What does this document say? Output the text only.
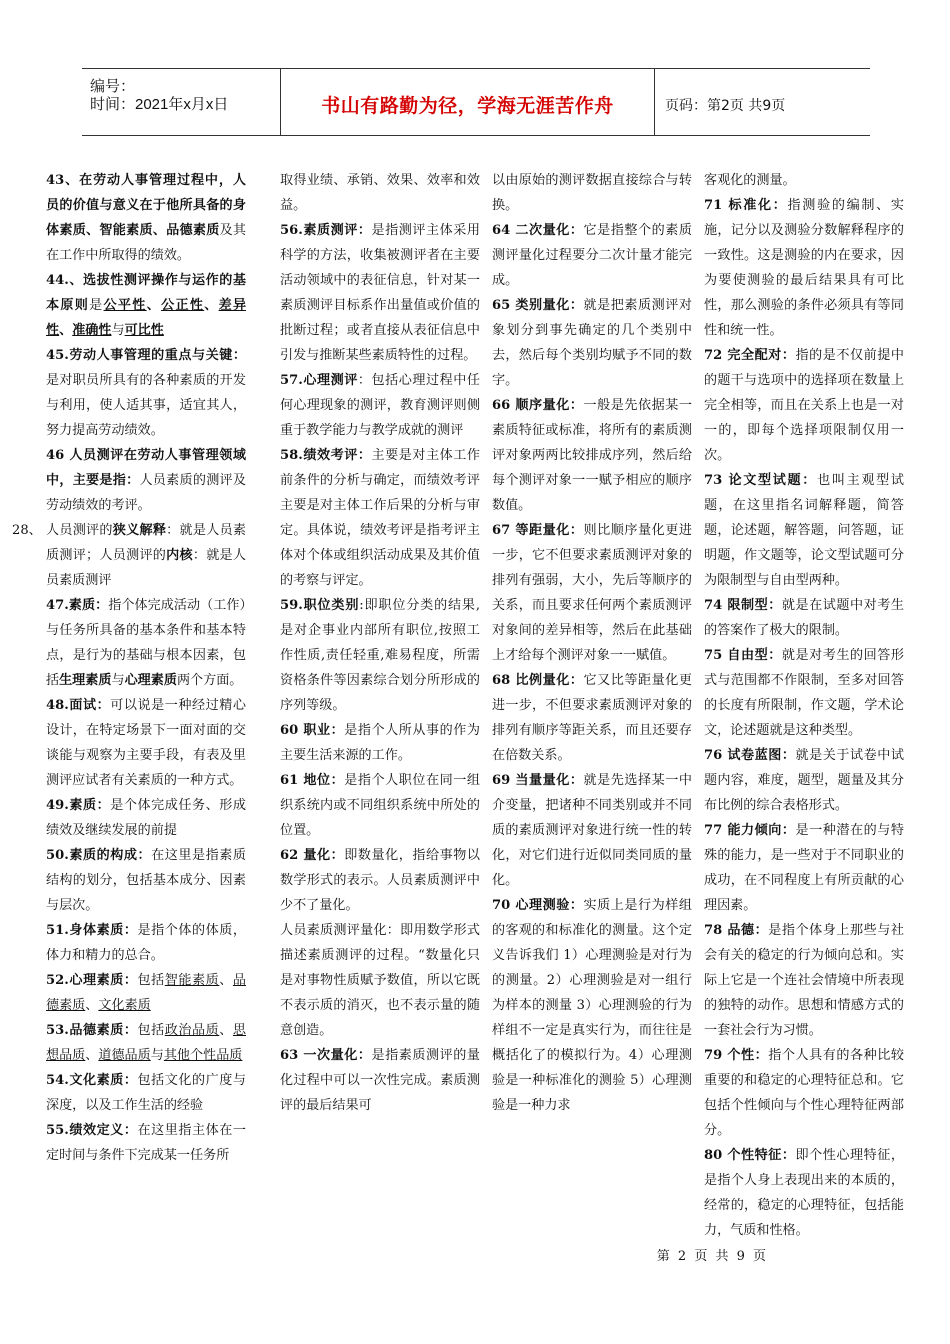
编号：
时间：2021年x月x日	书山有路勤为径，学海无涯苦作舟	页码：第2页 共9页
28、

43、在劳动人事管理过程中，人员的价值与意义在于他所具备的身体素质、智能素质、品德素质及其在工作中所取得的绩效。

44.、选拔性测评操作与运作的基本原则是公平性、公正性、差异性、准确性与可比性

45.劳动人事管理的重点与关键：是对职员所具有的各种素质的开发与利用，使人适其事，适宜其人，努力提高劳动绩效。

46 人员测评在劳动人事管理领域中，主要是指：人员素质的测评及劳动绩效的考评。

人员测评的狭义解释：就是人员素质测评；人员测评的内核：就是人员素质测评

47.素质：指个体完成活动（工作）与任务所具备的基本条件和基本特点，是行为的基础与根本因素，包括生理素质与心理素质两个方面。

48.面试：可以说是一种经过精心设计，在特定场景下一面对面的交谈能与观察为主要手段，有表及里测评应试者有关素质的一种方式。

49.素质：是个体完成任务、形成绩效及继续发展的前提

50.素质的构成：在这里是指素质结构的划分，包括基本成分、因素与层次。

51.身体素质：是指个体的体质，体力和精力的总合。

52.心理素质：包括智能素质、品德素质、文化素质

53.品德素质：包括政治品质、思想品质、道德品质与其他个性品质

54.文化素质：包括文化的广度与深度，以及工作生活的经验

55.绩效定义：在这里指主体在一定时间与条件下完成某一任务所

取得业绩、承销、效果、效率和效益。

56.素质测评：是指测评主体采用科学的方法，收集被测评者在主要活动领域中的表征信息，针对某一素质测评目标系作出量值或价值的批断过程；或者直接从表征信息中引发与推断某些素质特性的过程。

57.心理测评：包括心理过程中任何心理现象的测评，教育测评则侧重于教学能力与教学成就的测评

58.绩效考评：主要是对主体工作前条件的分析与确定，而绩效考评主要是对主体工作后果的分析与审定。具体说，绩效考评是指考评主体对个体或组织活动成果及其价值的考察与评定。

59.职位类别:即职位分类的结果,是对企事业内部所有职位,按照工作性质,责任轻重,难易程度，所需资格条件等因素综合划分所形成的序列等级。

60 职业：是指个人所从事的作为主要生活来源的工作。

61 地位：是指个人职位在同一组织系统内或不同组织系统中所处的位置。

62 量化：即数量化，指给事物以数学形式的表示。人员素质测评中少不了量化。

人员素质测评量化：即用数学形式描述素质测评的过程。“数量化只是对事物性质赋予数值，所以它既不表示质的消灭，也不表示量的随意创造。

63 一次量化：是指素质测评的量化过程中可以一次性完成。素质测评的最后结果可

以由原始的测评数据直接综合与转换。

64 二次量化：它是指整个的素质测评量化过程要分二次计量才能完成。

65 类别量化：就是把素质测评对象划分到事先确定的几个类别中去，然后每个类别均赋予不同的数字。

66 顺序量化：一般是先依据某一素质特征或标准，将所有的素质测评对象两两比较排成序列，然后给每个测评对象一一赋予相应的顺序数值。

67 等距量化：则比顺序量化更进一步，它不但要求素质测评对象的排列有强弱，大小，先后等顺序的关系，而且要求任何两个素质测评对象间的差异相等，然后在此基础上才给每个测评对象一一赋值。

68 比例量化：它又比等距量化更进一步，不但要求素质测评对象的排列有顺序等距关系，而且还要存在倍数关系。

69 当量量化：就是先选择某一中介变量，把诸种不同类别或并不同质的素质测评对象进行统一性的转化，对它们进行近似同类同质的量化。

70 心理测验：实质上是行为样组的客观的和标准化的测量。这个定义告诉我们 1）心理测验是对行为的测量。2）心理测验是对一组行为样本的测量 3）心理测验的行为样组不一定是真实行为，而往往是概括化了的模拟行为。4）心理测验是一种标准化的测验 5）心理测验是一种力求

客观化的测量。

71 标准化：指测验的编制、实施，记分以及测验分数解释程序的一致性。这是测验的内在要求，因为要使测验的最后结果具有可比性，那么测验的条件必须具有等同性和统一性。

72 完全配对：指的是不仅前提中的题干与选项中的选择项在数量上完全相等，而且在关系上也是一对一的，即每个选择项限制仅用一次。

73 论文型试题：也叫主观型试题，在这里指名词解释题，简答题，论述题，解答题，问答题，证明题，作文题等，论文型试题可分为限制型与自由型两种。

74 限制型：就是在试题中对考生的答案作了极大的限制。

75 自由型：就是对考生的回答形式与范围都不作限制，至多对回答的长度有所限制，作文题，学术论文，论述题就是这种类型。

76 试卷蓝图：就是关于试卷中试题内容，难度，题型，题量及其分布比例的综合表格形式。

77 能力倾向：是一种潜在的与特殊的能力，是一些对于不同职业的成功，在不同程度上有所贡献的心理因素。

78 品德：是指个体身上那些与社会有关的稳定的行为倾向总和。实际上它是一个连社会情境中所表现的独特的动作。思想和情感方式的一套社会行为习惯。

79 个性：指个人具有的各种比较重要的和稳定的心理特征总和。它包括个性倾向与个性心理特征两部分。

80 个性特征：即个性心理特征，是指个人身上表现出来的本质的，经常的，稳定的心理特征，包括能力，气质和性格。

第 2 页 共 9 页
